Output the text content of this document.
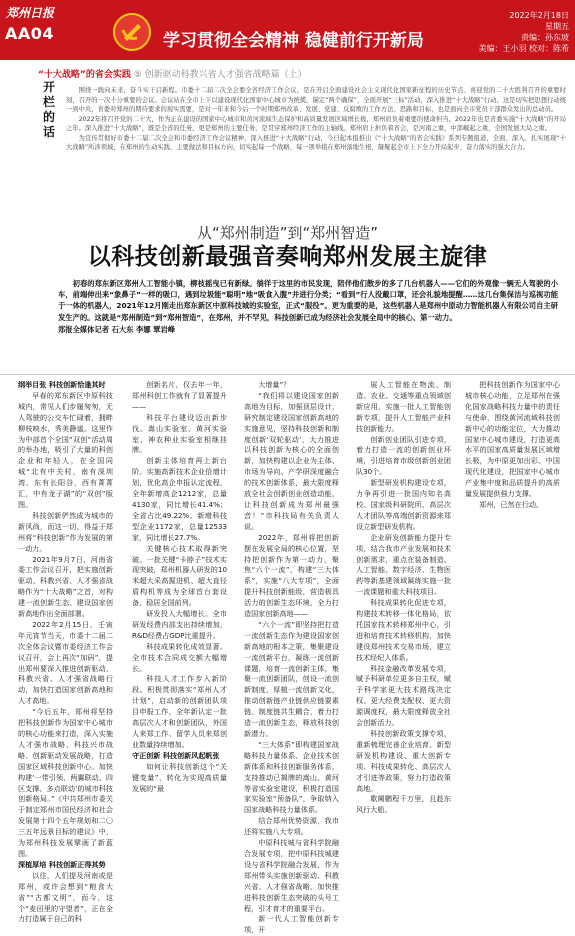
郑州日报
AA04	学习贯彻全会精神 稳健前行开新局
2022年2月18日
星期五
责编：孙东坡
美编：王小羽 校对：陈希
“十大战略”的省会实践 ⑤ 创新驱动科教兴省人才强省战略篇（上）
开
栏
的
话

围绕一践向未来，奋斗实干启新程。市委十二届二次全会要全省经济工作会议，是在开启全面建设社会主义现代化国家新征程的历史节点、喜迎党的二十大胜利召开的重要时刻，召开的一次十分重要的会议。会议站在全市上下以建设现代化国家中心城市为统揽，锚定“两个确保”，全面开展“三标”活动，深入推进“十大战略”行动。这是切实把思想行动统一到中央、省委对郑州的期待要求的现实需要，是对一年来和今后一个时期郑州改革、发展、党建、反腐败的工作方法、思路和目标，也是面向全市党员干部群众发出的总动员。

2022年将召开党的二十大，作为正在建设的国家中心城市和黄河流域生态保护和高质量发展区域增长极，郑州肩负着重要的使命担当。2022年也是省委实施“十大战略”的开局之年。深入推进“十大战略”，既是全省的任务，更是郑州的主要任务，是贯穿郑州经济工作的主轴线。郑州肩上担负着省会，是河南之重，中部崛起之重，全国发展大局之重。

为宣传贯彻好市委十二届二次全会和市委经济工作会议精神，深入推进“十大战略”行动，今日起本报推出《“十大战略”的省会实践》系列专题报道，全面、深入、扎实展现“十大战略”所涉领域，在郑州的生动实践，主要做法和目标方向，切实起每一个战略、每一项举措在郑州落地生根，凝聚起全市上下全力开局起步、奋力落实的强大合力。

从“郑州制造”到“郑州智造”
以科技创新最强音奏响郑州发展主旋律

初春的郑东新区郑州人工智能小镇，柳枝摇曳已有新绿。徜徉于这里的市民发现，陪伴他们散步的多了几台机器人——它们的外观像一辆无人驾驶的小车，前端伸出来“象鼻子”一样的吸口，遇到垃圾能“聪明”地“吸食入腹”并进行分类；“看到”行人没戴口罩，还会礼貌地提醒……这几台集保洁与巡视功能于一体的机器人，2021年12月刚走出郑东新区中原科技城的实验室，正式“服役”。更为重要的是，这些机器人是郑州中原动力智能机器人有限公司自主研发生产的。这就是“郑州制造”到“郑州智造”，在郑州，并不罕见，科技创新已成为经济社会发展全局中的核心、第一动力。

郑报全媒体记者 石大东 李娜 覃岩峰

纲举目张 科技创新恰逢其时

早春的郑东新区中原科技城内，常见人们步履匆匆，无人驾驶的公交车忙碌着，拥畔柳枝映水，秀美静谧。这里作为中部首个全国“双创”活动周的举办地，吸引了大量的科创企业和年轻人，在全国同城“北有中关村，南有深圳湾，东有长阳谷，西有菁菁汇，中有龙子湖”的“双创”版图。

科技创新俨然成为城市的新风尚，而这一切，得益于郑州将“科技创新”作为发展的第一动力。

2021年9月7日，河南省委工作会议召开，把实施创新驱动、科教兴省、人才强省战略作为“十大战略”之首，对构建一流创新生态、建设国家创新高地作出全面部署。

2022年2月15日，壬寅年元宵节当天，市委十二届二次全体会议暨市委经济工作会议召开，会上再次“加码”，提出郑州要深入推进创新驱动、科教兴省、人才强省战略行动，加快打造国家创新高地和人才高地。

“今后五年，郑州将坚持把科技创新作为国家中心城市的核心功能来打造，深入实施人才强市战略、科技兴市战略、创新驱动发展战略，打造国家区域科技创新中心。加快构建‘一带引领、两翼联动、四区支撑、多点联动’的城市科技创新格局。”《中共郑州市委关于制定郑州市国民经济和社会发展第十四个五年规划和二〇三五年远景目标的建议》中，为郑州科技发展擘画了新蓝图。

深植厚培 科技创新正得其势

以往，人们提及河南或是郑州，或许会想到“粮食大省”“古都文明”，而今，这个“麦田里的守望者”，正在全力打造属于自己的科

创新名片，仅去年一年，郑州科创工作就有了显著提升——

科技平台建设迈出新步伐。嵩山实验室、黄河实验室、神农种业实验室相继挂牌。

创新主体培育再上新台阶。实施高新技术企业倍增计划，优化高企申报认定流程，全年新增高企1212家，总量4130家，同比增长41.4%；全省占比49.22%。新增科技型企业1172家，总量12533家，同比增长27.7%。

关键核心技术取得新突破。一批关键“卡脖子”技术实现突破，郑州机器人研发的10米超大采高掘进机、超大直径盾构机等成为全球首台套设备，稳居全国前列。

研发投入大幅增长。全市研发经费内部支出持续增加，R&D经费占GDP比重提升。

科技成果转化成效显著。全市技术合同成交额大幅增长。

科技人才工作步入新阶段。积极贯彻落实“郑州人才计划”，启动新的创新团队项目申报工作，全年新认定一批高层次人才和创新团队，外国人来郑工作、留学人员来郑创业数量持续增加。

守正创新 科技创新风起帆张

如何让科技创新这个“关键变量”，转化为实现高质量发展的“最

大增量”？

“我们将以建设国家创新高地为目标，加强顶层设计，研究制定建设国家创新高地的实施意见，坚持科技创新和制度创新‘双轮驱动’，大力推进以科技创新为核心的全面创新，加快构建以企业为主体、市场为导向、产学研深度融合的技术创新体系，最大限度释放全社会创新创业创造动能，让科技创新成为郑州最强音！”市科技局有关负责人说。

2022年，郑州将把创新摆在发展全局的核心位置，坚持把创新作为第一动力，聚焦“六个一流”，构建“三大体系”，实施“八大专项”，全面提升科技创新能级，营造极具活力的创新生态环境，全力打造国家创新高地——

“六个一流”即坚持把打造一流创新生态作为建设国家创新高地的根本之策，集聚建设一流创新平台，凝练一流创新课题，培育一流创新主体，集聚一流创新团队，创设一流创新制度，厚植一流创新文化，推动创新链产业链供应链要素链、制度链共生耦合，着力打造一流创新生态，释放科技创新潜力。

“三大体系”即构建国家战略科技力量体系、企业技术创新体系和科技创新服务体系，支持推动已揭牌的嵩山、黄河等省实验室建设，积极打造国家实验室“预备队”，争取纳入国家战略科技力量体系。

结合郑州优势资源，我市还将实施八大专项。

中原科技城与省科学院融合发展专项，把中原科技城建设与省科学院融合发展，作为郑州带头实施创新驱动、科教兴省、人才强省战略，加快推进科技创新生态突破的头号工程，引才育才的重要平台。

新一代人工智能创新专项，开

展人工智能在物流、制造、农业、交通等重点领域创新应用，实施一批人工智能创新专项，提升人工智能产业科技创新能力。

创新创业团队引进专项，着力打造一流的创新创业环境，引进培育市级创新创业团队30个。

新型研发机构建设专项，力争再引进一批国内知名高校、国家级科研院所、高层次人才团队等高端创新资源来郑设立新型研发机构。

企业研发创新能力提升专项，结合我市产业发展和技术创新需求，重点在装备制造、人工智能、数字经济、生物医药等新基建领域凝练实施一批一流课题和重大科技项目。

科技成果转化促进专项，构建技术转移一体化格局，依托国家技术转移郑州中心，引进和培育技术转移机构，加快建设郑州技术交易市场，建立技术经纪人体系。

科技金融改革发展专项，赋予科研单位更多自主权，赋予科学家更大技术路线决定权、更大经费支配权、更大资源调度权，最大限度释放全社会创新活力。

科技创新政策支撑专项，重新梳理完善企业培育、新型研发机构建设、重大创新专项、科技成果转化、高层次人才引进等政策，努力打造政策高地。

歌阑鹏程千万里，且趁东风行大船。

把科技创新作为国家中心城市核心功能，立足郑州在强化国家战略科技力量中的责任与使命，围绕黄河流域科技创新中心的功能定位，大力推动国家中心城市建设，打造更高水平的国家高质量发展区域增长极，为中原更加出彩、中国现代化建设，把国家中心城市产业集中度和品质提升的高质量发展提供强力支撑。

郑州，已然在行动。
